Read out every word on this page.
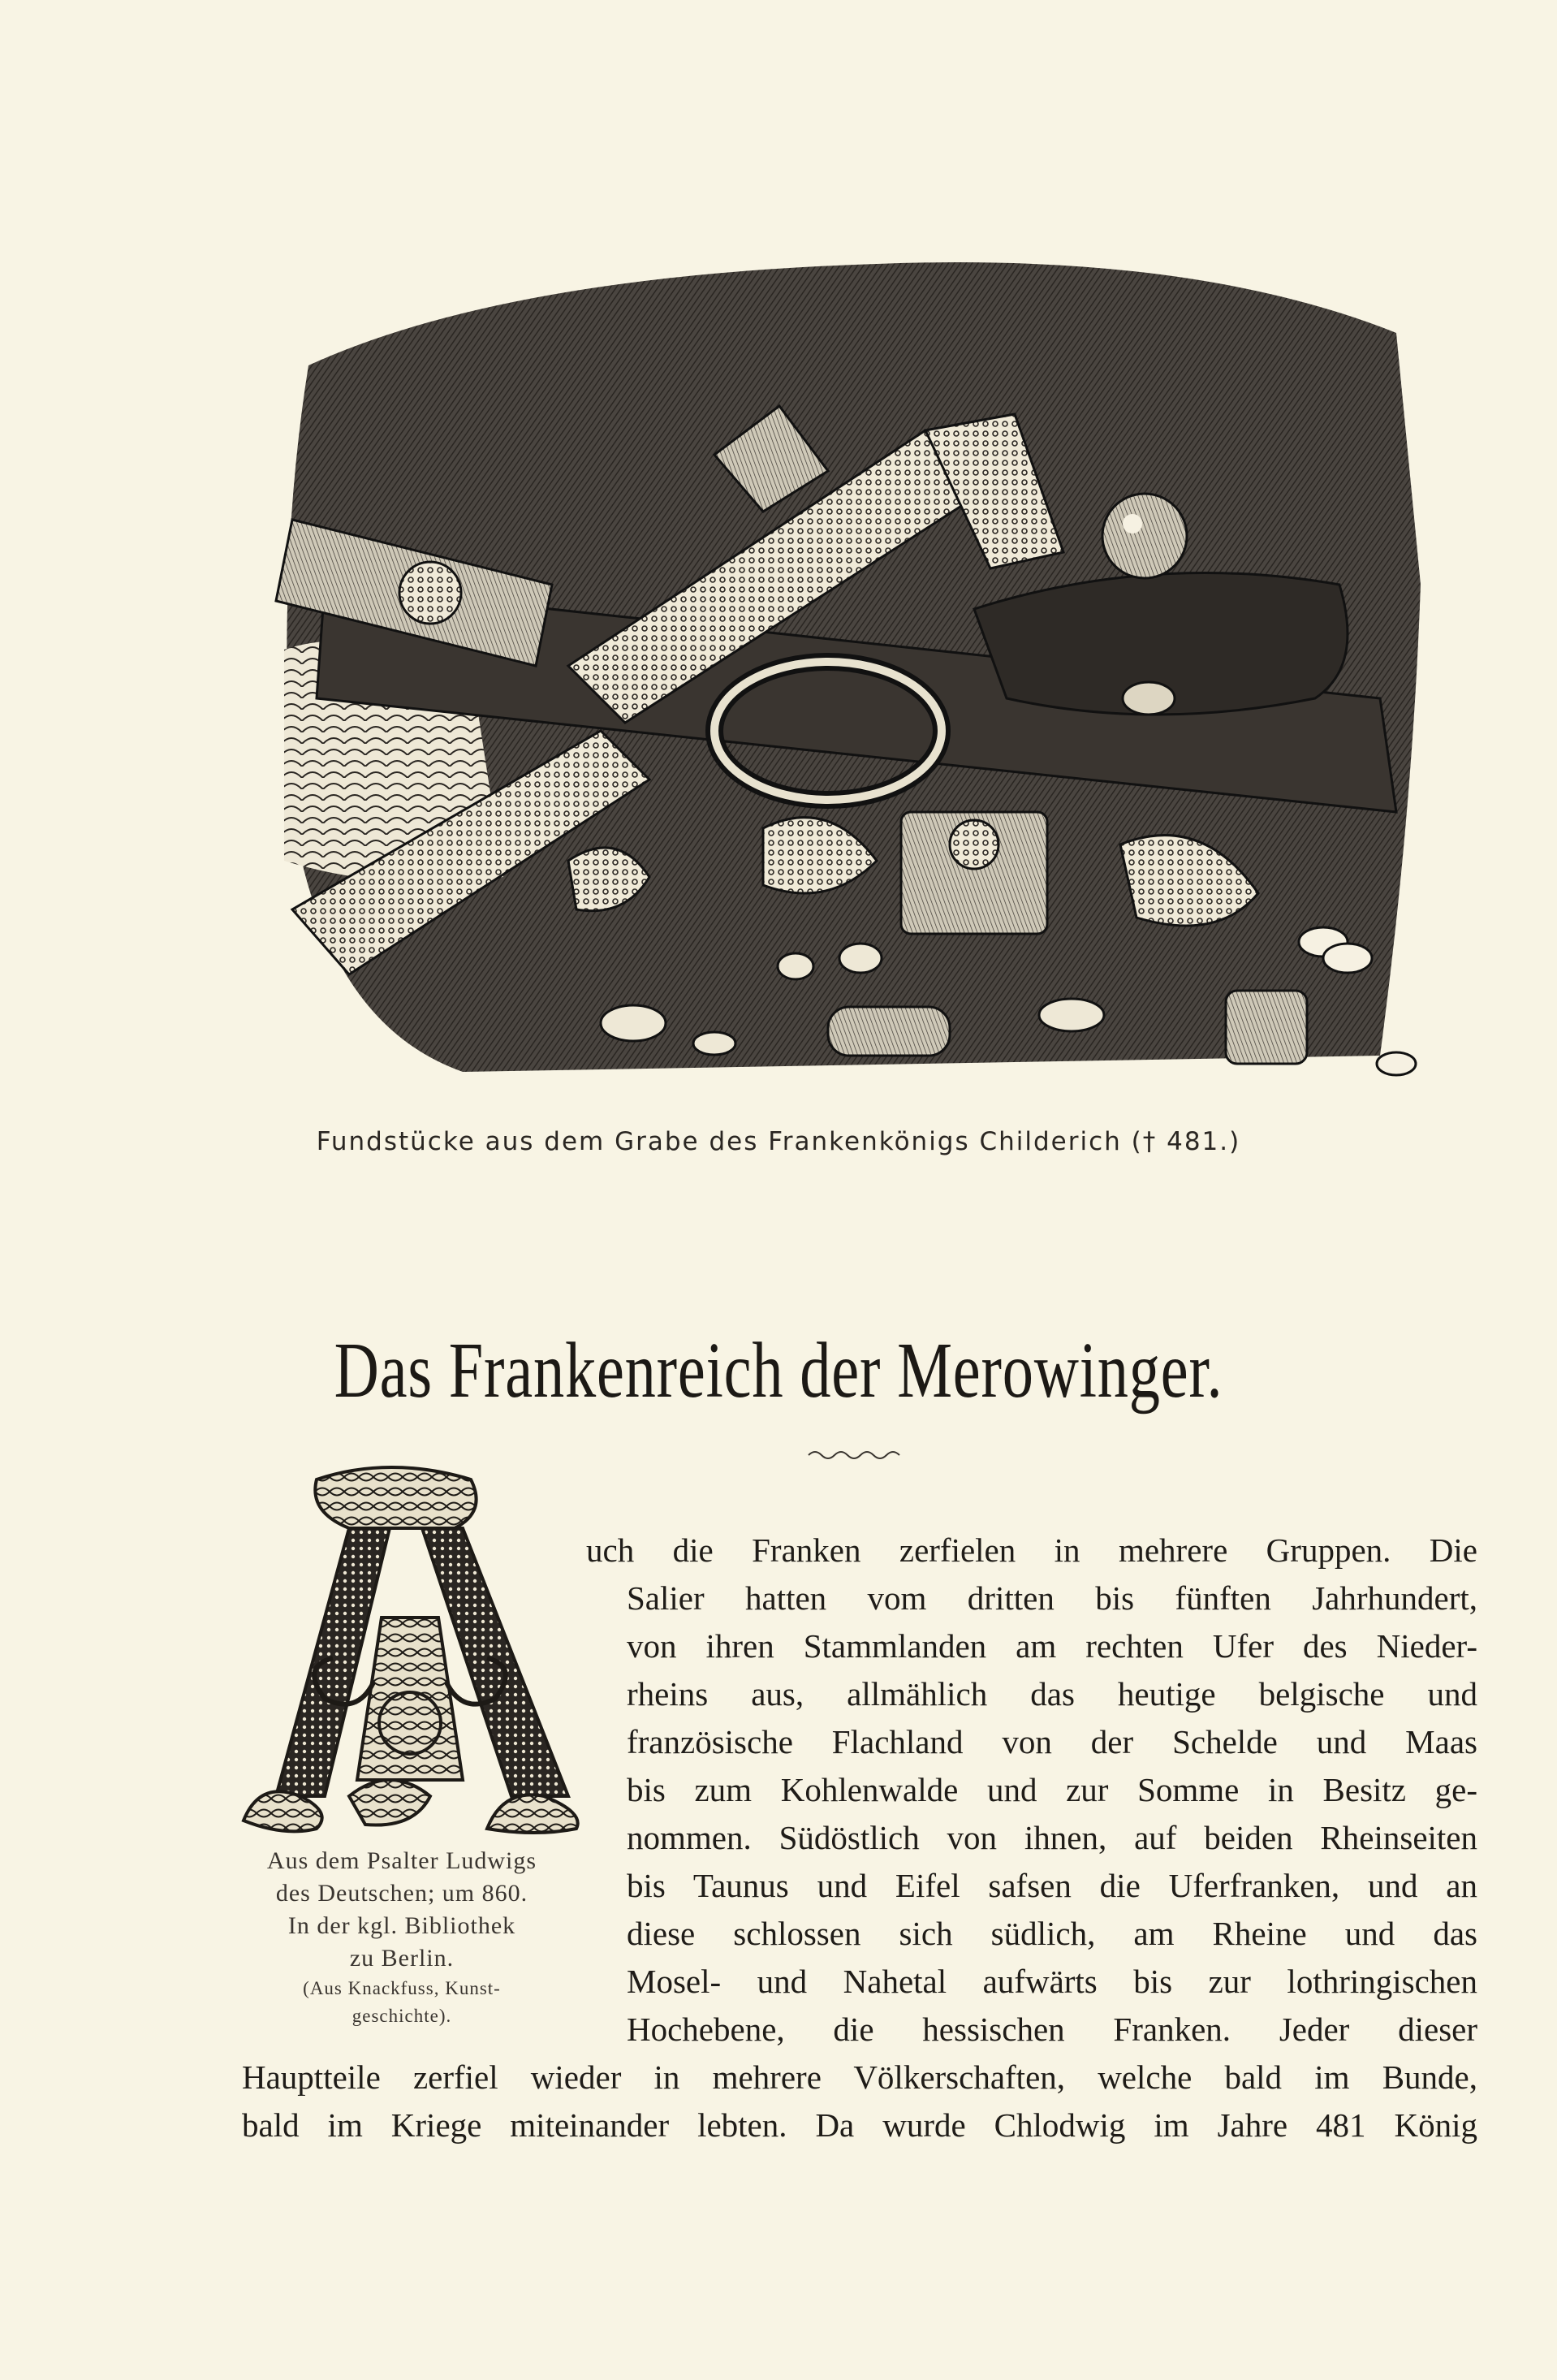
Fundstücke aus dem Grabe des Frankenkönigs Childerich († 481.)
Das Frankenreich der Merowinger.
Aus dem Psalter Ludwigs
des Deutschen; um 860.
In der kgl. Bibliothek
zu Berlin.
(Aus Knackfuss, Kunst-
geschichte).
uch die Franken zerfielen in mehrere Gruppen. Die
Salier hatten vom dritten bis fünften Jahrhundert,
von ihren Stammlanden am rechten Ufer des Nieder-
rheins aus, allmählich das heutige belgische und
französische Flachland von der Schelde und Maas
bis zum Kohlenwalde und zur Somme in Besitz ge-
nommen. Südöstlich von ihnen, auf beiden Rheinseiten
bis Taunus und Eifel safsen die Uferfranken, und an
diese schlossen sich südlich, am Rheine und das
Mosel- und Nahetal aufwärts bis zur lothringischen
Hochebene, die hessischen Franken. Jeder dieser
Hauptteile zerfiel wieder in mehrere Völkerschaften, welche bald im Bunde,
bald im Kriege miteinander lebten. Da wurde Chlodwig im Jahre 481 König
